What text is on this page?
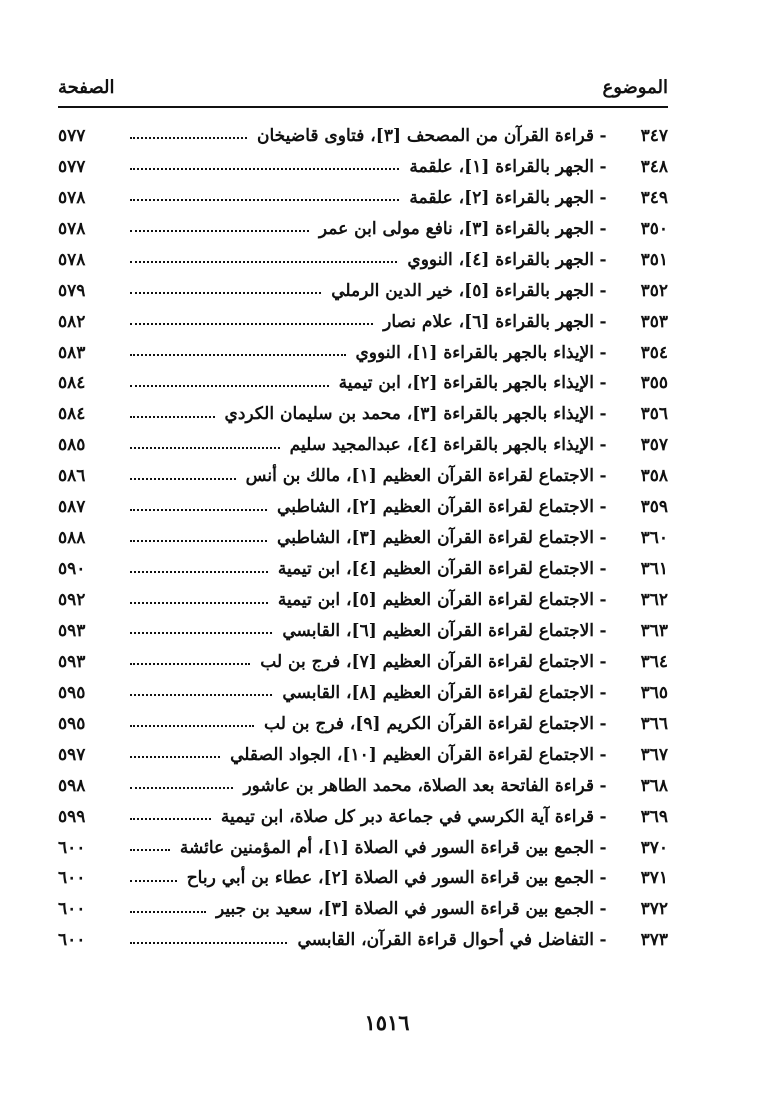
الموضوع
الصفحة
٣٤٧
-
قراءة القرآن من المصحف [٣]، فتاوى قاضيخان
٥٧٧
٣٤٨
-
الجهر بالقراءة [١]، علقمة
٥٧٧
٣٤٩
-
الجهر بالقراءة [٢]، علقمة
٥٧٨
٣٥٠
-
الجهر بالقراءة [٣]، نافع مولى ابن عمر
٥٧٨
٣٥١
-
الجهر بالقراءة [٤]، النووي
٥٧٨
٣٥٢
-
الجهر بالقراءة [٥]، خير الدين الرملي
٥٧٩
٣٥٣
-
الجهر بالقراءة [٦]، علام نصار
٥٨٢
٣٥٤
-
الإيذاء بالجهر بالقراءة [١]، النووي
٥٨٣
٣٥٥
-
الإيذاء بالجهر بالقراءة [٢]، ابن تيمية
٥٨٤
٣٥٦
-
الإيذاء بالجهر بالقراءة [٣]، محمد بن سليمان الكردي
٥٨٤
٣٥٧
-
الإيذاء بالجهر بالقراءة [٤]، عبدالمجيد سليم
٥٨٥
٣٥٨
-
الاجتماع لقراءة القرآن العظيم [١]، مالك بن أنس
٥٨٦
٣٥٩
-
الاجتماع لقراءة القرآن العظيم [٢]، الشاطبي
٥٨٧
٣٦٠
-
الاجتماع لقراءة القرآن العظيم [٣]، الشاطبي
٥٨٨
٣٦١
-
الاجتماع لقراءة القرآن العظيم [٤]، ابن تيمية
٥٩٠
٣٦٢
-
الاجتماع لقراءة القرآن العظيم [٥]، ابن تيمية
٥٩٢
٣٦٣
-
الاجتماع لقراءة القرآن العظيم [٦]، القابسي
٥٩٣
٣٦٤
-
الاجتماع لقراءة القرآن العظيم [٧]، فرج بن لب
٥٩٣
٣٦٥
-
الاجتماع لقراءة القرآن العظيم [٨]، القابسي
٥٩٥
٣٦٦
-
الاجتماع لقراءة القرآن الكريم [٩]، فرج بن لب
٥٩٥
٣٦٧
-
الاجتماع لقراءة القرآن العظيم [١٠]، الجواد الصقلي
٥٩٧
٣٦٨
-
قراءة الفاتحة بعد الصلاة، محمد الطاهر بن عاشور
٥٩٨
٣٦٩
-
قراءة آية الكرسي في جماعة دبر كل صلاة، ابن تيمية
٥٩٩
٣٧٠
-
الجمع بين قراءة السور في الصلاة [١]، أم المؤمنين عائشة
٦٠٠
٣٧١
-
الجمع بين قراءة السور في الصلاة [٢]، عطاء بن أبي رباح
٦٠٠
٣٧٢
-
الجمع بين قراءة السور في الصلاة [٣]، سعيد بن جبير
٦٠٠
٣٧٣
-
التفاضل في أحوال قراءة القرآن، القابسي
٦٠٠
١٥١٦
